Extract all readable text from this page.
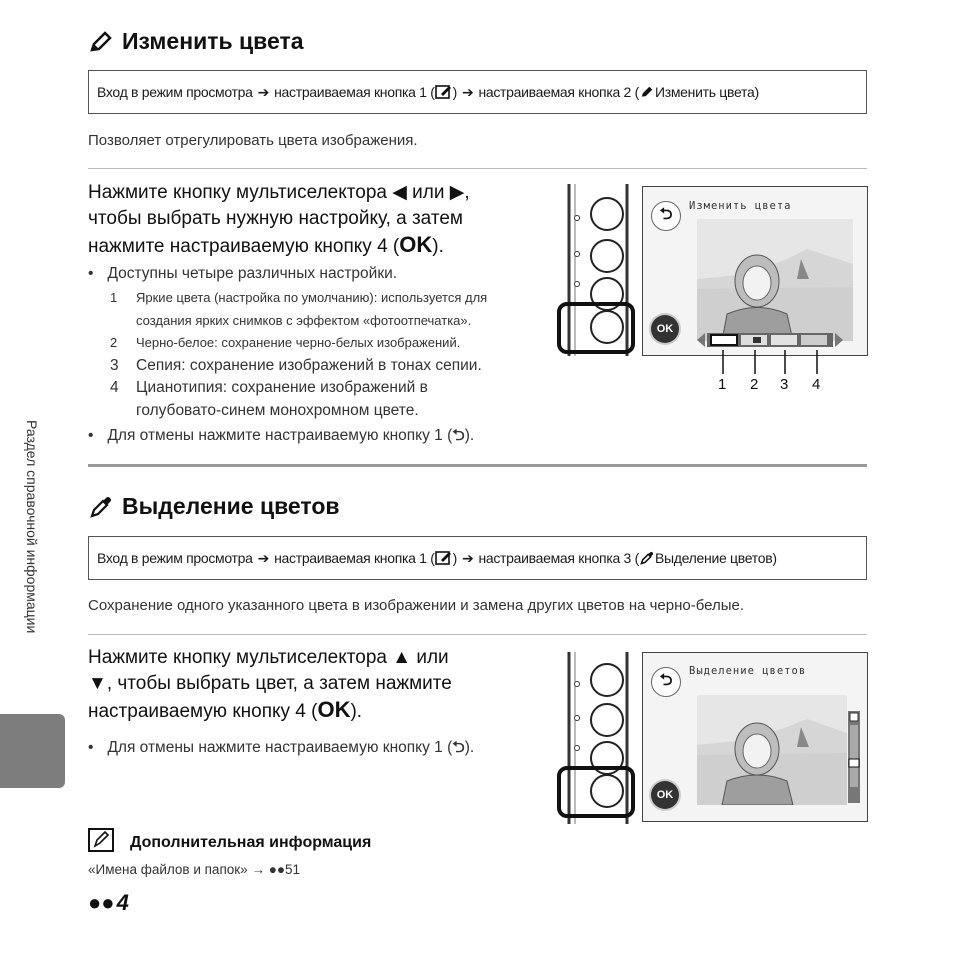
Раздел справочной информации
Изменить цвета
Вход в режим просмотра ➔ настраиваемая кнопка 1 ( ) ➔ настраиваемая кнопка 2 ( Изменить цвета)
Позволяет отрегулировать цвета изображения.
Нажмите кнопку мультиселектора ◀ или ▶,
чтобы выбрать нужную настройку, а затем
нажмите настраиваемую кнопку 4 (OK).
• Доступны четыре различных настройки.
1	Яркие цвета (настройка по умолчанию): используется для
создания ярких снимков с эффектом «фотоотпечатка».
2	Черно-белое: сохранение черно-белых изображений.
3	Сепия: сохранение изображений в тонах сепии.
4	Цианотипия: сохранение изображений в
голубовато-синем монохромном цвете.
• Для отмены нажмите настраиваемую кнопку 1 (⮌).
Изменить цвета
⮌
OK
1 2 3 4
Выделение цветов
Вход в режим просмотра ➔ настраиваемая кнопка 1 ( ) ➔ настраиваемая кнопка 3 ( Выделение цветов)
Сохранение одного указанного цвета в изображении и замена других цветов на черно-белые.
Нажмите кнопку мультиселектора ▲ или
▼, чтобы выбрать цвет, а затем нажмите
настраиваемую кнопку 4 (OK).
• Для отмены нажмите настраиваемую кнопку 1 (⮌).
Выделение цветов
⮌
OK
Дополнительная информация
«Имена файлов и папок» → ●●51
●● 4
